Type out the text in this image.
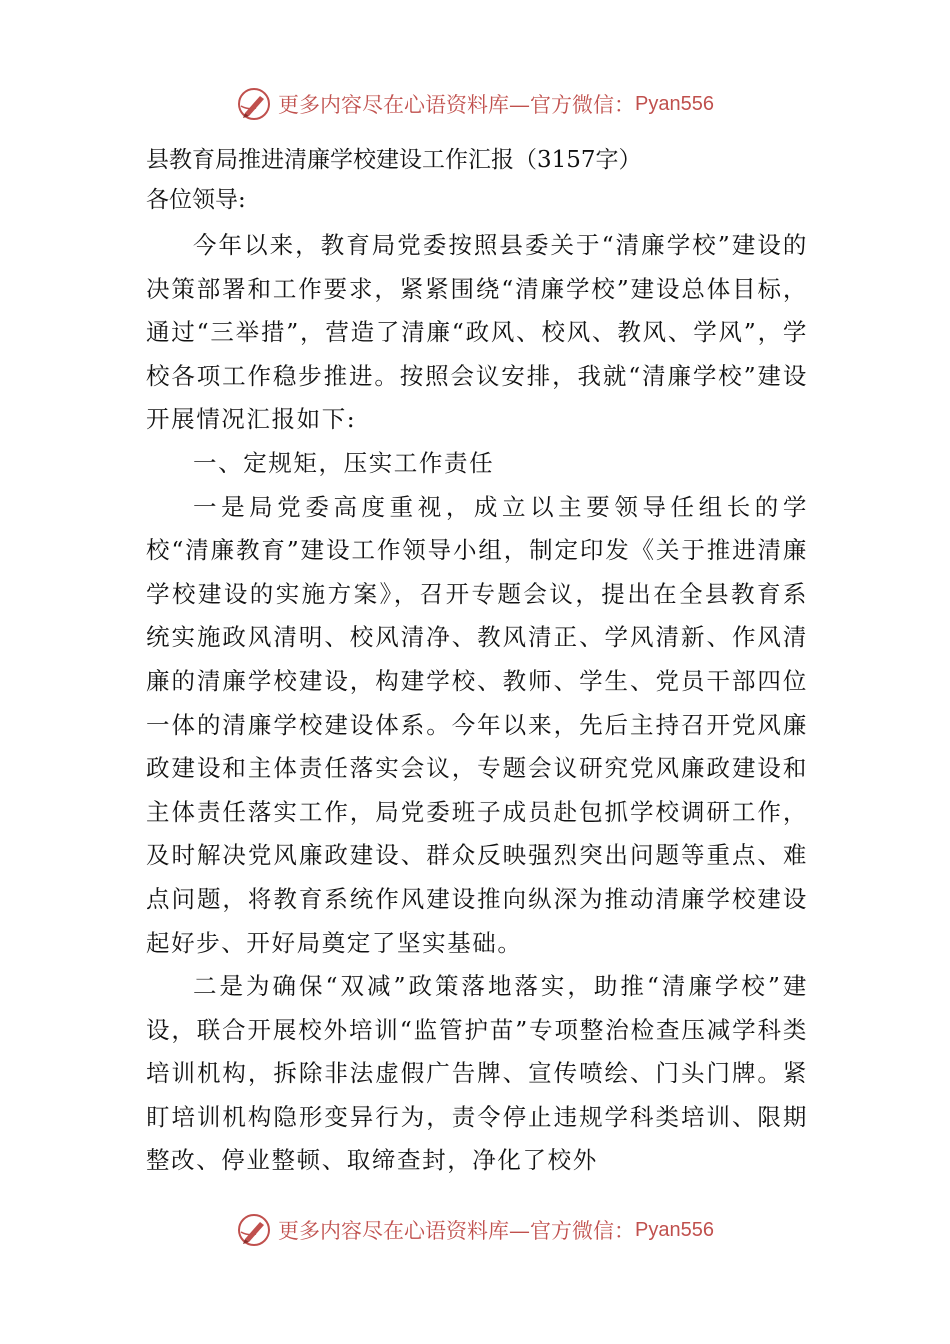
更多内容尽在心语资料库—官方微信： Pyan556

县教育局推进清廉学校建设工作汇报（3157字）

各位领导:

今年以来，教育局党委按照县委关于“清廉学校”建设的决策部署和工作要求，紧紧围绕“清廉学校”建设总体目标，通过“三举措”，营造了清廉“政风、校风、教风、学风”，学校各项工作稳步推进。按照会议安排，我就“清廉学校”建设开展情况汇报如下:

一、定规矩，压实工作责任

一是局党委高度重视，成立以主要领导任组长的学校“清廉教育”建设工作领导小组，制定印发《关于推进清廉学校建设的实施方案》，召开专题会议，提出在全县教育系统实施政风清明、校风清净、教风清正、学风清新、作风清廉的清廉学校建设，构建学校、教师、学生、党员干部四位一体的清廉学校建设体系。今年以来，先后主持召开党风廉政建设和主体责任落实会议，专题会议研究党风廉政建设和主体责任落实工作，局党委班子成员赴包抓学校调研工作，及时解决党风廉政建设、群众反映强烈突出问题等重点、难点问题，将教育系统作风建设推向纵深为推动清廉学校建设起好步、开好局奠定了坚实基础。

二是为确保“双减”政策落地落实，助推“清廉学校”建设，联合开展校外培训“监管护苗”专项整治检查压减学科类培训机构，拆除非法虚假广告牌、宣传喷绘、门头门牌。紧盯培训机构隐形变异行为，责令停止违规学科类培训、限期整改、停业整顿、取缔查封，净化了校外

更多内容尽在心语资料库—官方微信： Pyan556
